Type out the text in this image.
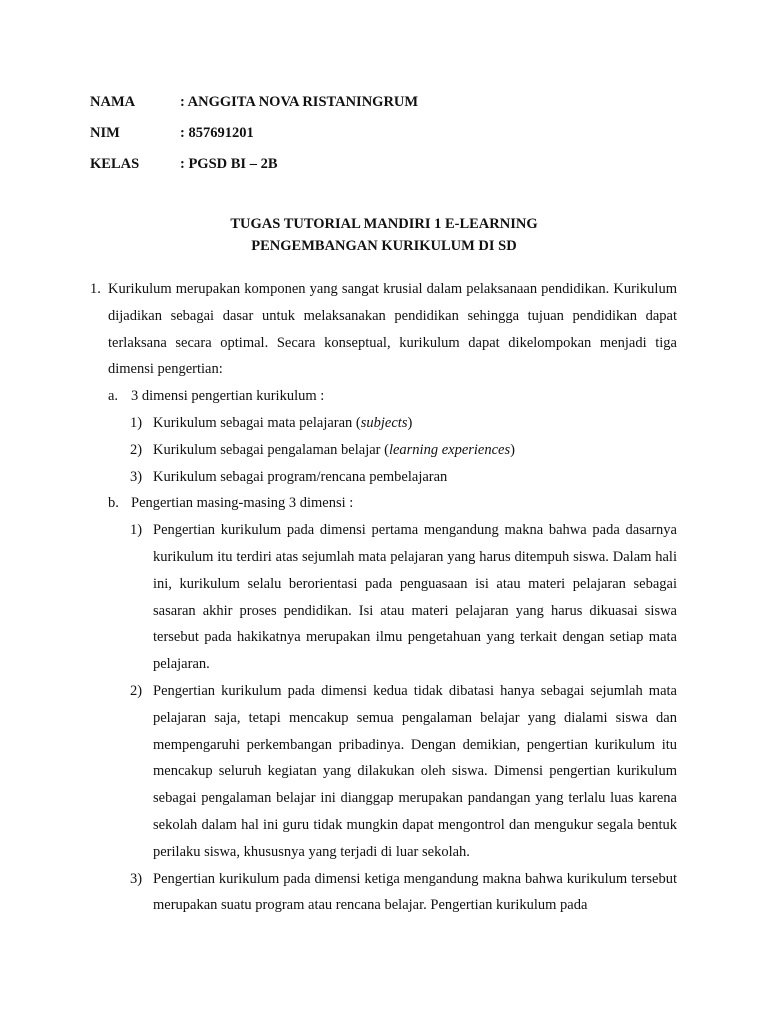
NAMA	: ANGGITA NOVA RISTANINGRUM
NIM	: 857691201
KELAS	: PGSD BI – 2B
TUGAS TUTORIAL MANDIRI 1 E-LEARNING
PENGEMBANGAN KURIKULUM DI SD

1. Kurikulum merupakan komponen yang sangat krusial dalam pelaksanaan pendidikan. Kurikulum dijadikan sebagai dasar untuk melaksanakan pendidikan sehingga tujuan pendidikan dapat terlaksana secara optimal. Secara konseptual, kurikulum dapat dikelompokan menjadi tiga dimensi pengertian:

a. 3 dimensi pengertian kurikulum :

1) Kurikulum sebagai mata pelajaran (subjects)

2) Kurikulum sebagai pengalaman belajar (learning experiences)

3) Kurikulum sebagai program/rencana pembelajaran

b. Pengertian masing-masing 3 dimensi :

1) Pengertian kurikulum pada dimensi pertama mengandung makna bahwa pada dasarnya kurikulum itu terdiri atas sejumlah mata pelajaran yang harus ditempuh siswa. Dalam hali ini, kurikulum selalu berorientasi pada penguasaan isi atau materi pelajaran sebagai sasaran akhir proses pendidikan. Isi atau materi pelajaran yang harus dikuasai siswa tersebut pada hakikatnya merupakan ilmu pengetahuan yang terkait dengan setiap mata pelajaran.

2) Pengertian kurikulum pada dimensi kedua tidak dibatasi hanya sebagai sejumlah mata pelajaran saja, tetapi mencakup semua pengalaman belajar yang dialami siswa dan mempengaruhi perkembangan pribadinya. Dengan demikian, pengertian kurikulum itu mencakup seluruh kegiatan yang dilakukan oleh siswa. Dimensi pengertian kurikulum sebagai pengalaman belajar ini dianggap merupakan pandangan yang terlalu luas karena sekolah dalam hal ini guru tidak mungkin dapat mengontrol dan mengukur segala bentuk perilaku siswa, khususnya yang terjadi di luar sekolah.

3) Pengertian kurikulum pada dimensi ketiga mengandung makna bahwa kurikulum tersebut merupakan suatu program atau rencana belajar. Pengertian kurikulum pada
